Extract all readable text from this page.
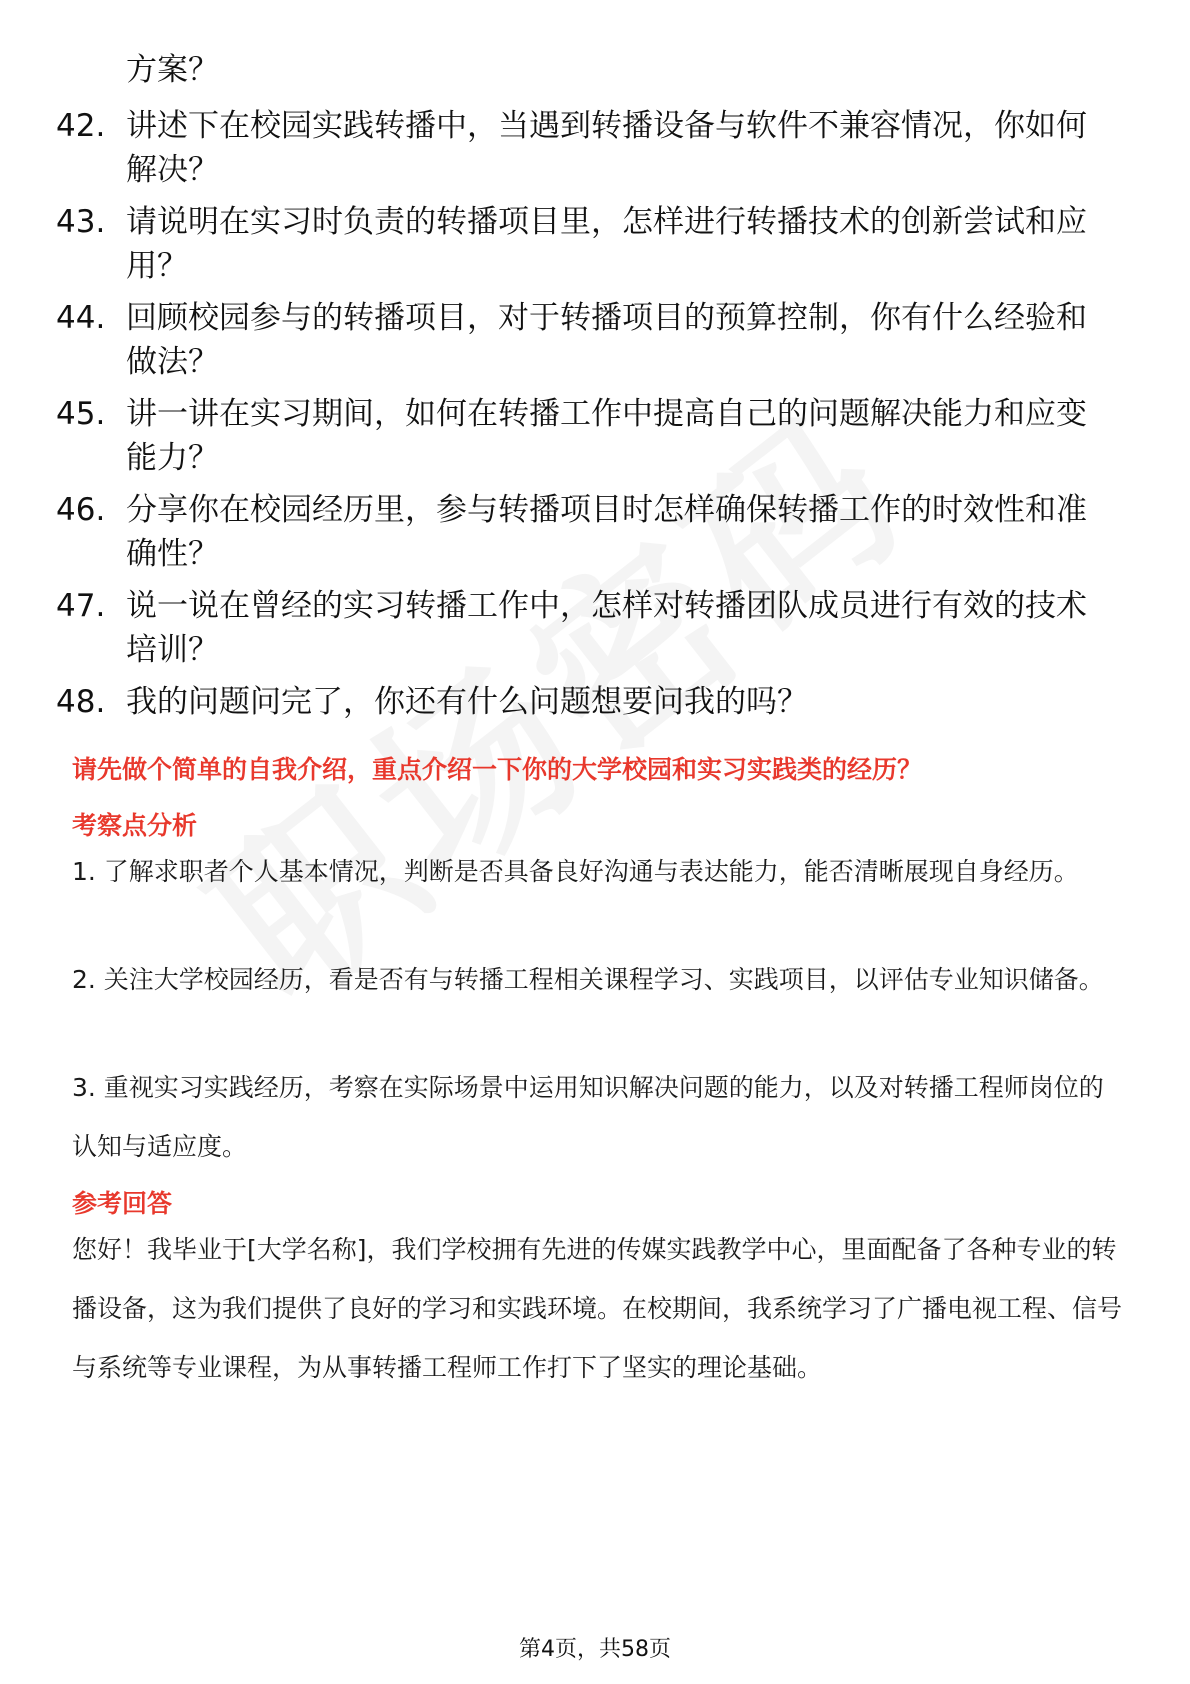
方案？
42. 讲述下在校园实践转播中，当遇到转播设备与软件不兼容情况，你如何解决？
43. 请说明在实习时负责的转播项目里，怎样进行转播技术的创新尝试和应用？
44. 回顾校园参与的转播项目，对于转播项目的预算控制，你有什么经验和做法？
45. 讲一讲在实习期间，如何在转播工作中提高自己的问题解决能力和应变能力？
46. 分享你在校园经历里，参与转播项目时怎样确保转播工作的时效性和准确性？
47. 说一说在曾经的实习转播工作中，怎样对转播团队成员进行有效的技术培训？
48. 我的问题问完了，你还有什么问题想要问我的吗？
请先做个简单的自我介绍，重点介绍一下你的大学校园和实习实践类的经历？
考察点分析
1. 了解求职者个人基本情况，判断是否具备良好沟通与表达能力，能否清晰展现自身经历。
2. 关注大学校园经历，看是否有与转播工程相关课程学习、实践项目，以评估专业知识储备。
3. 重视实习实践经历，考察在实际场景中运用知识解决问题的能力，以及对转播工程师岗位的认知与适应度。
参考回答
您好！我毕业于[大学名称]，我们学校拥有先进的传媒实践教学中心，里面配备了各种专业的转播设备，这为我们提供了良好的学习和实践环境。在校期间，我系统学习了广播电视工程、信号与系统等专业课程，为从事转播工程师工作打下了坚实的理论基础。
第4页，共58页
